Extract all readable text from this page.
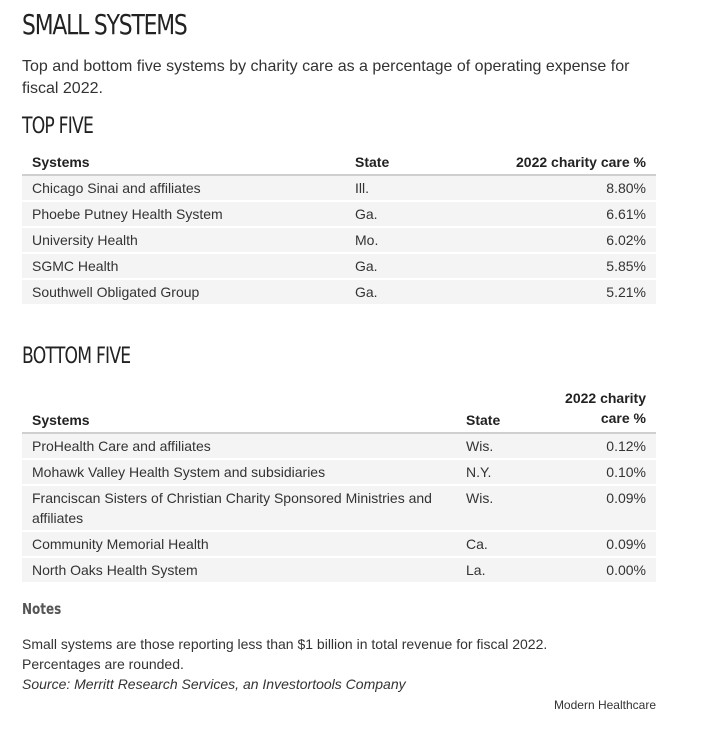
SMALL SYSTEMS
Top and bottom five systems by charity care as a percentage of operating expense for fiscal 2022.
TOP FIVE
Systems	State	2022 charity care %
Chicago Sinai and affiliates	Ill.	8.80%
Phoebe Putney Health System	Ga.	6.61%
University Health	Mo.	6.02%
SGMC Health	Ga.	5.85%
Southwell Obligated Group	Ga.	5.21%
BOTTOM FIVE
Systems	State	2022 charity care %
ProHealth Care and affiliates	Wis.	0.12%
Mohawk Valley Health System and subsidiaries	N.Y.	0.10%
Franciscan Sisters of Christian Charity Sponsored Ministries and affiliates	Wis.	0.09%
Community Memorial Health	Ca.	0.09%
North Oaks Health System	La.	0.00%
Notes
Small systems are those reporting less than $1 billion in total revenue for fiscal 2022.
Percentages are rounded.
Source: Merritt Research Services, an Investortools Company
Modern Healthcare
